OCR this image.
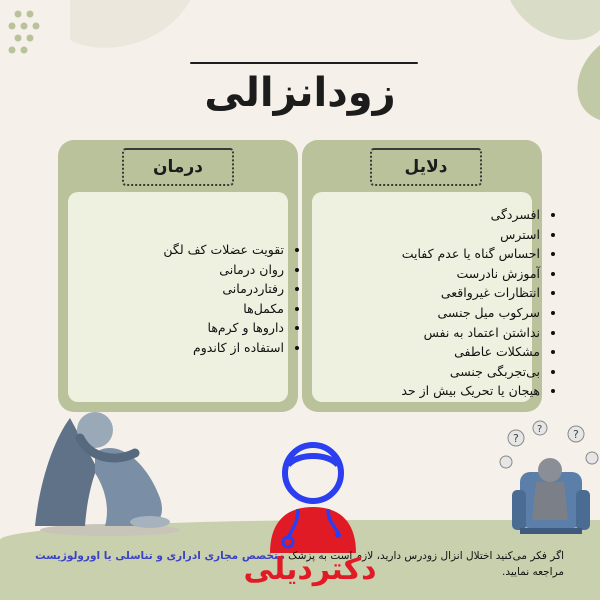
زودانزالی
درمان
• تقویت عضلات کف لگن
• روان درمانی
• رفتاردرمانی
• مکمل‌ها
• داروها و کرم‌ها
• استفاده از کاندوم
دلایل
• افسردگی
• استرس
• احساس گناه یا عدم کفایت
• آموزش نادرست
• انتظارات غیرواقعی
• سرکوب میل جنسی
• نداشتن اعتماد به نفس
• مشکلات عاطفی
• بی‌تجربگی جنسی
• هیجان یا تحریک بیش از حد
?
?	?
اگر فکر می‌کنید اختلال انزال زودرس دارید، لازم است به پزشک متخصص مجاری ادراری و تناسلی یا اورولوژیست مراجعه نمایید.
دکتردیلی
